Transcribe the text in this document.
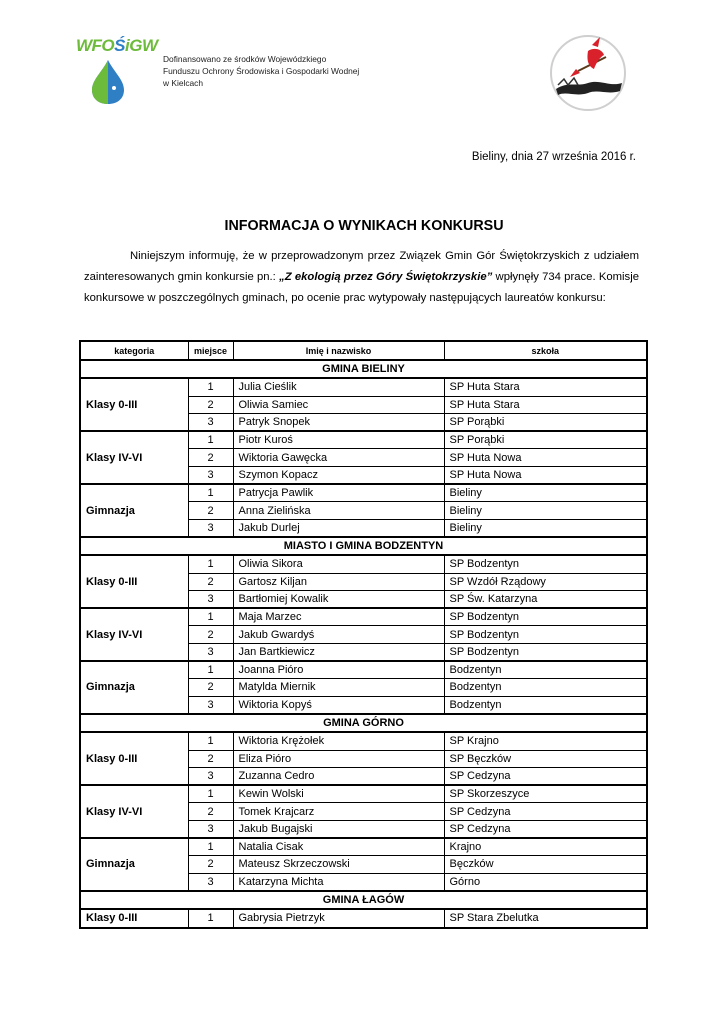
WFOŚiGW
Dofinansowano ze środków Wojewódzkiego
Funduszu Ochrony Środowiska i Gospodarki Wodnej
w Kielcach
Bieliny, dnia 27 września 2016 r.
INFORMACJA O WYNIKACH KONKURSU
Niniejszym informuję, że w przeprowadzonym przez Związek Gmin Gór Świętokrzyskich z udziałem zainteresowanych gmin konkursie pn.: „Z ekologią przez Góry Świętokrzyskie” wpłynęły 734 prace. Komisje konkursowe w poszczególnych gminach, po ocenie prac wytypowały następujących laureatów konkursu:
kategoria	miejsce	Imię i nazwisko	szkoła
GMINA BIELINY			
Klasy 0-III	1	Julia Cieślik	SP Huta Stara
	2	Oliwia Samiec	SP Huta Stara
	3	Patryk Snopek	SP Porąbki
Klasy IV-VI	1	Piotr Kuroś	SP Porąbki
	2	Wiktoria Gawęcka	SP Huta Nowa
	3	Szymon Kopacz	SP Huta Nowa
Gimnazja	1	Patrycja Pawlik	Bieliny
	2	Anna Zielińska	Bieliny
	3	Jakub Durlej	Bieliny
MIASTO I GMINA BODZENTYN			
Klasy 0-III	1	Oliwia Sikora	SP Bodzentyn
	2	Gartosz Kiljan	SP Wzdół Rządowy
	3	Bartłomiej Kowalik	SP Św. Katarzyna
Klasy IV-VI	1	Maja Marzec	SP Bodzentyn
	2	Jakub Gwardyś	SP Bodzentyn
	3	Jan Bartkiewicz	SP Bodzentyn
Gimnazja	1	Joanna Pióro	Bodzentyn
	2	Matylda Miernik	Bodzentyn
	3	Wiktoria Kopyś	Bodzentyn
GMINA GÓRNO			
Klasy 0-III	1	Wiktoria Krężołek	SP Krajno
	2	Eliza Pióro	SP Bęczków
	3	Zuzanna Cedro	SP Cedzyna
Klasy IV-VI	1	Kewin Wolski	SP Skorzeszyce
	2	Tomek Krajcarz	SP Cedzyna
	3	Jakub Bugajski	SP Cedzyna
Gimnazja	1	Natalia Cisak	Krajno
	2	Mateusz Skrzeczowski	Bęczków
	3	Katarzyna Michta	Górno
GMINA ŁAGÓW			
Klasy 0-III	1	Gabrysia Pietrzyk	SP Stara Zbelutka
